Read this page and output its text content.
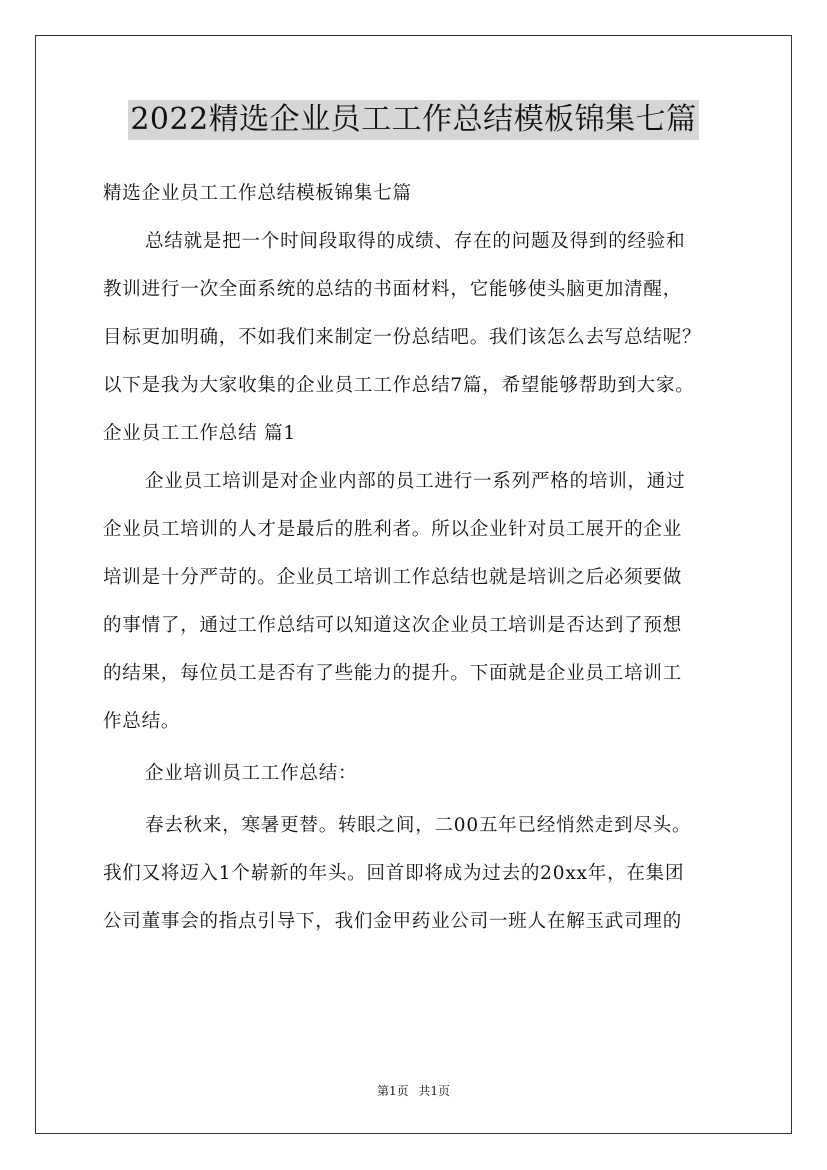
2022精选企业员工工作总结模板锦集七篇
精选企业员工工作总结模板锦集七篇
总结就是把一个时间段取得的成绩、存在的问题及得到的经验和
教训进行一次全面系统的总结的书面材料，它能够使头脑更加清醒，
目标更加明确，不如我们来制定一份总结吧。我们该怎么去写总结呢？
以下是我为大家收集的企业员工工作总结7篇，希望能够帮助到大家。
企业员工工作总结 篇1
企业员工培训是对企业内部的员工进行一系列严格的培训，通过
企业员工培训的人才是最后的胜利者。所以企业针对员工展开的企业
培训是十分严苛的。企业员工培训工作总结也就是培训之后必须要做
的事情了，通过工作总结可以知道这次企业员工培训是否达到了预想
的结果，每位员工是否有了些能力的提升。下面就是企业员工培训工
作总结。
企业培训员工工作总结：
春去秋来，寒暑更替。转眼之间，二00五年已经悄然走到尽头。
我们又将迈入1个崭新的年头。回首即将成为过去的20xx年，在集团
公司董事会的指点引导下，我们金甲药业公司一班人在解玉武司理的
第1页 共1页
